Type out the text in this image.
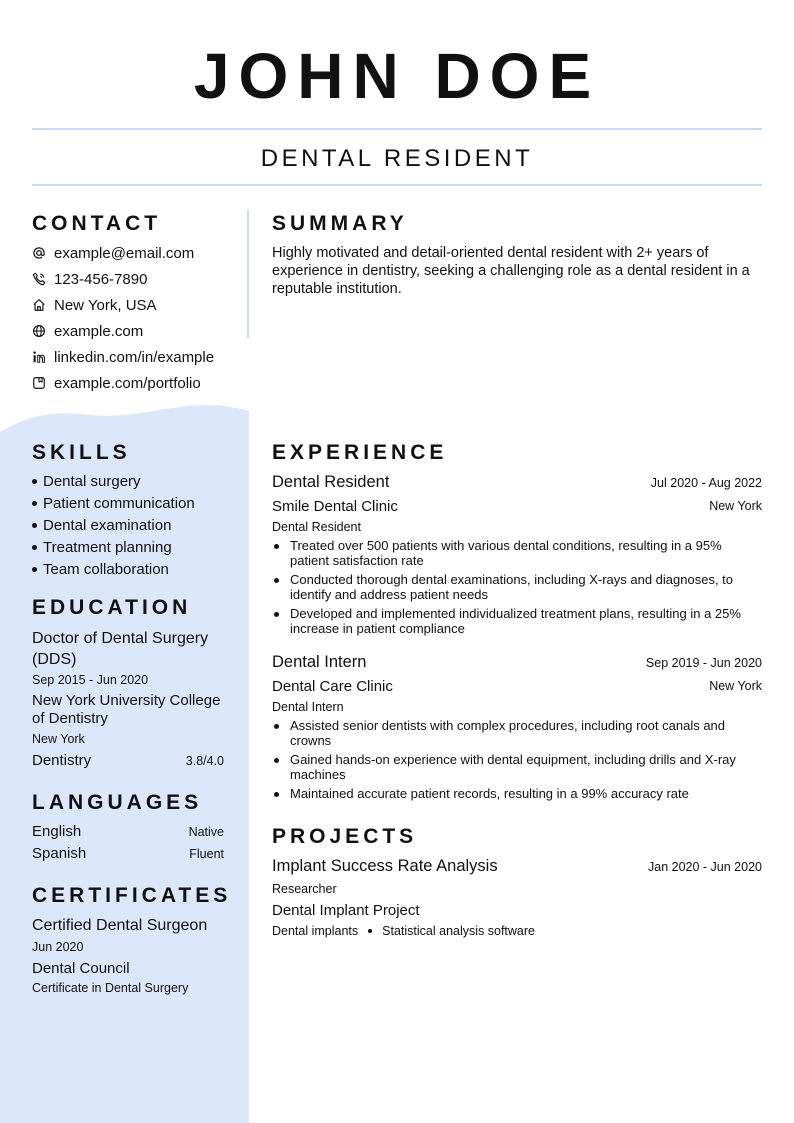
JOHN DOE
DENTAL RESIDENT
CONTACT
example@email.com
123-456-7890
New York, USA
example.com
linkedin.com/in/example
example.com/portfolio
SKILLS
Dental surgery
Patient communication
Dental examination
Treatment planning
Team collaboration
EDUCATION
Doctor of Dental Surgery (DDS)
Sep 2015 - Jun 2020
New York University College of Dentistry
New York
Dentistry	3.8/4.0
LANGUAGES
English	Native
Spanish	Fluent
CERTIFICATES
Certified Dental Surgeon
Jun 2020
Dental Council
Certificate in Dental Surgery
SUMMARY
Highly motivated and detail-oriented dental resident with 2+ years of experience in dentistry, seeking a challenging role as a dental resident in a reputable institution.
EXPERIENCE
Dental Resident	Jul 2020 - Aug 2022
Smile Dental Clinic	New York
Dental Resident
Treated over 500 patients with various dental conditions, resulting in a 95% patient satisfaction rate
Conducted thorough dental examinations, including X-rays and diagnoses, to identify and address patient needs
Developed and implemented individualized treatment plans, resulting in a 25% increase in patient compliance
Dental Intern	Sep 2019 - Jun 2020
Dental Care Clinic	New York
Dental Intern
Assisted senior dentists with complex procedures, including root canals and crowns
Gained hands-on experience with dental equipment, including drills and X-ray machines
Maintained accurate patient records, resulting in a 99% accuracy rate
PROJECTS
Implant Success Rate Analysis	Jan 2020 - Jun 2020
Researcher
Dental Implant Project
Dental implants Statistical analysis software
